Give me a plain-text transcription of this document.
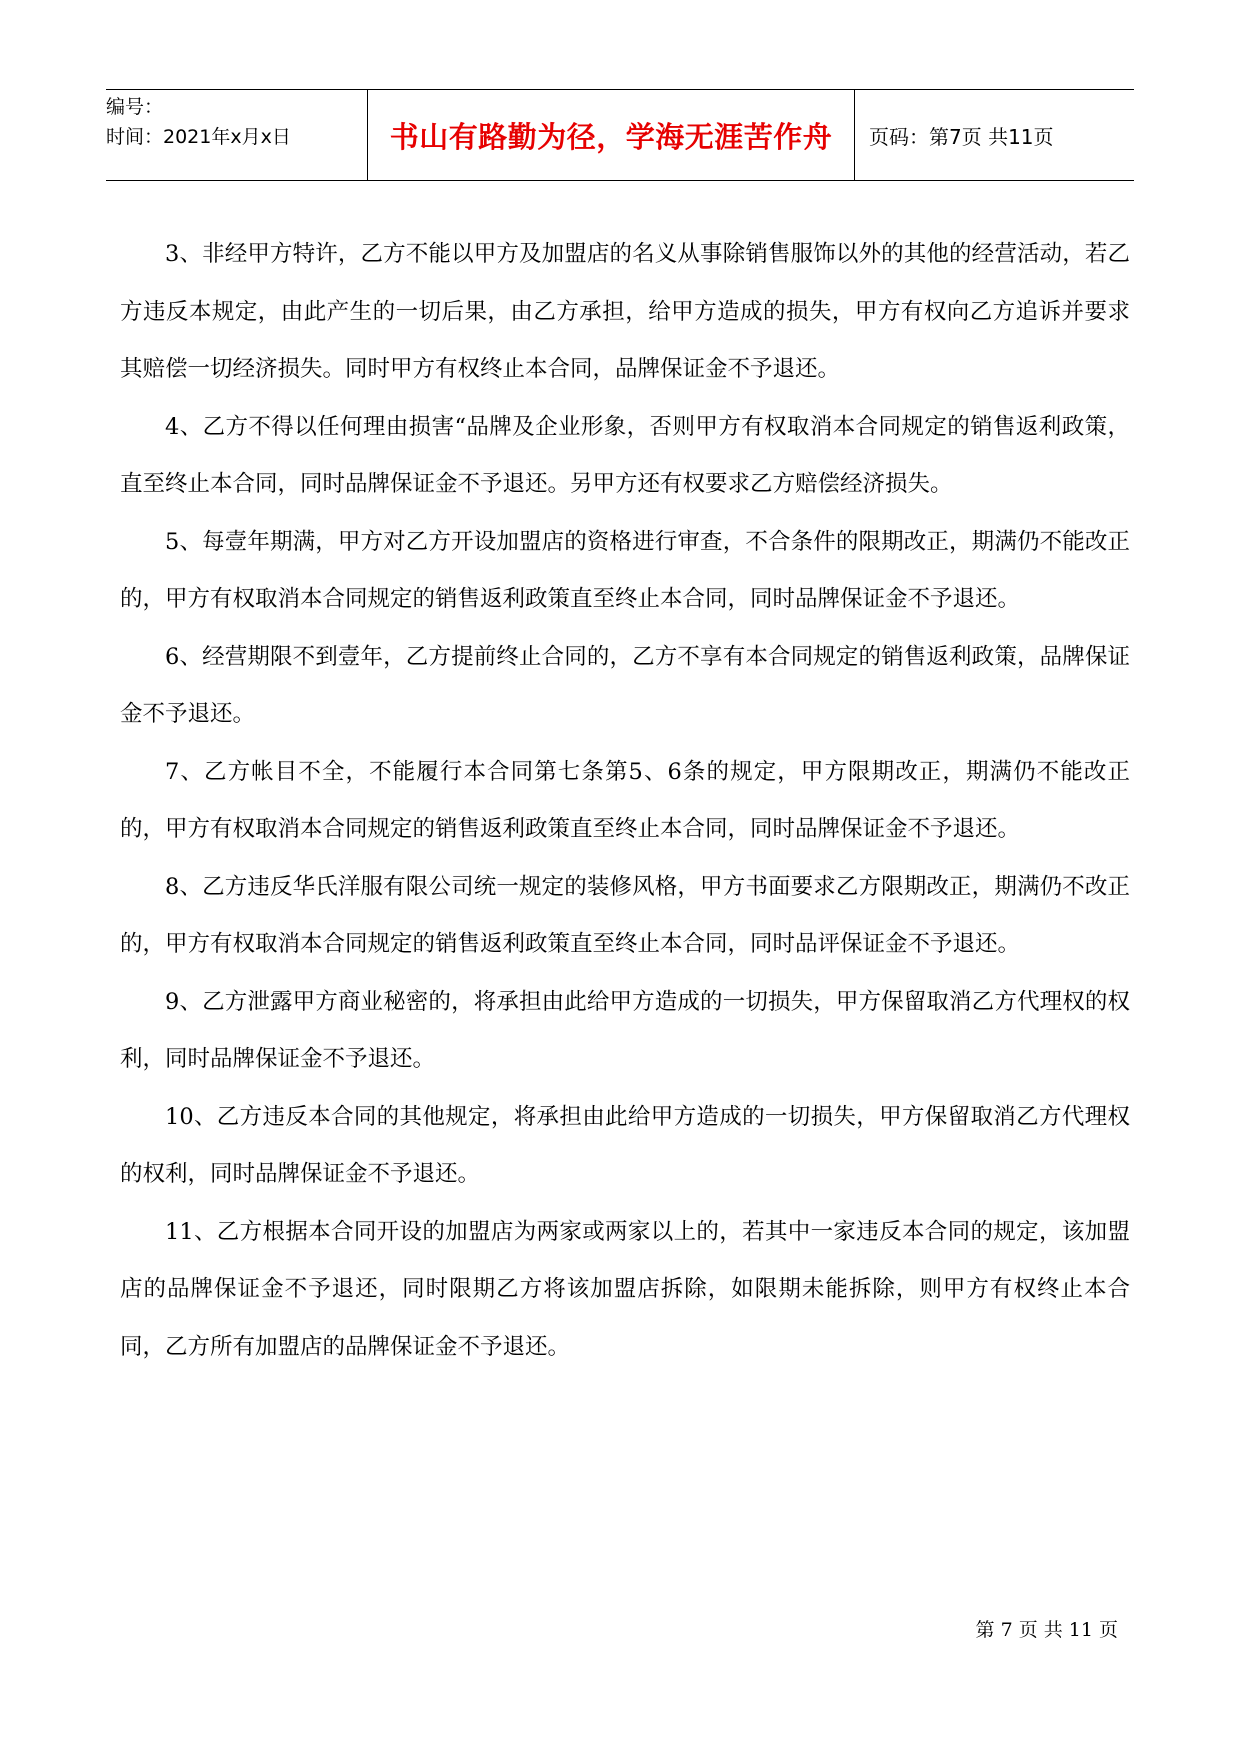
编号：
时间：2021年x月x日	书山有路勤为径，学海无涯苦作舟 页码：第7页 共11页

3、非经甲方特许，乙方不能以甲方及加盟店的名义从事除销售服饰以外的其他的经营活动，若乙方违反本规定，由此产生的一切后果，由乙方承担，给甲方造成的损失，甲方有权向乙方追诉并要求其赔偿一切经济损失。同时甲方有权终止本合同，品牌保证金不予退还。

4、乙方不得以任何理由损害“品牌及企业形象，否则甲方有权取消本合同规定的销售返利政策，直至终止本合同，同时品牌保证金不予退还。另甲方还有权要求乙方赔偿经济损失。

5、每壹年期满，甲方对乙方开设加盟店的资格进行审查，不合条件的限期改正，期满仍不能改正的，甲方有权取消本合同规定的销售返利政策直至终止本合同，同时品牌保证金不予退还。

6、经营期限不到壹年，乙方提前终止合同的，乙方不享有本合同规定的销售返利政策，品牌保证金不予退还。

7、乙方帐目不全，不能履行本合同第七条第5、6条的规定，甲方限期改正，期满仍不能改正的，甲方有权取消本合同规定的销售返利政策直至终止本合同，同时品牌保证金不予退还。

8、乙方违反华氏洋服有限公司统一规定的装修风格，甲方书面要求乙方限期改正，期满仍不改正的，甲方有权取消本合同规定的销售返利政策直至终止本合同，同时品评保证金不予退还。

9、乙方泄露甲方商业秘密的，将承担由此给甲方造成的一切损失，甲方保留取消乙方代理权的权利，同时品牌保证金不予退还。

10、乙方违反本合同的其他规定，将承担由此给甲方造成的一切损失，甲方保留取消乙方代理权的权利，同时品牌保证金不予退还。

11、乙方根据本合同开设的加盟店为两家或两家以上的，若其中一家违反本合同的规定，该加盟店的品牌保证金不予退还，同时限期乙方将该加盟店拆除，如限期未能拆除，则甲方有权终止本合同，乙方所有加盟店的品牌保证金不予退还。

第 7 页 共 11 页
